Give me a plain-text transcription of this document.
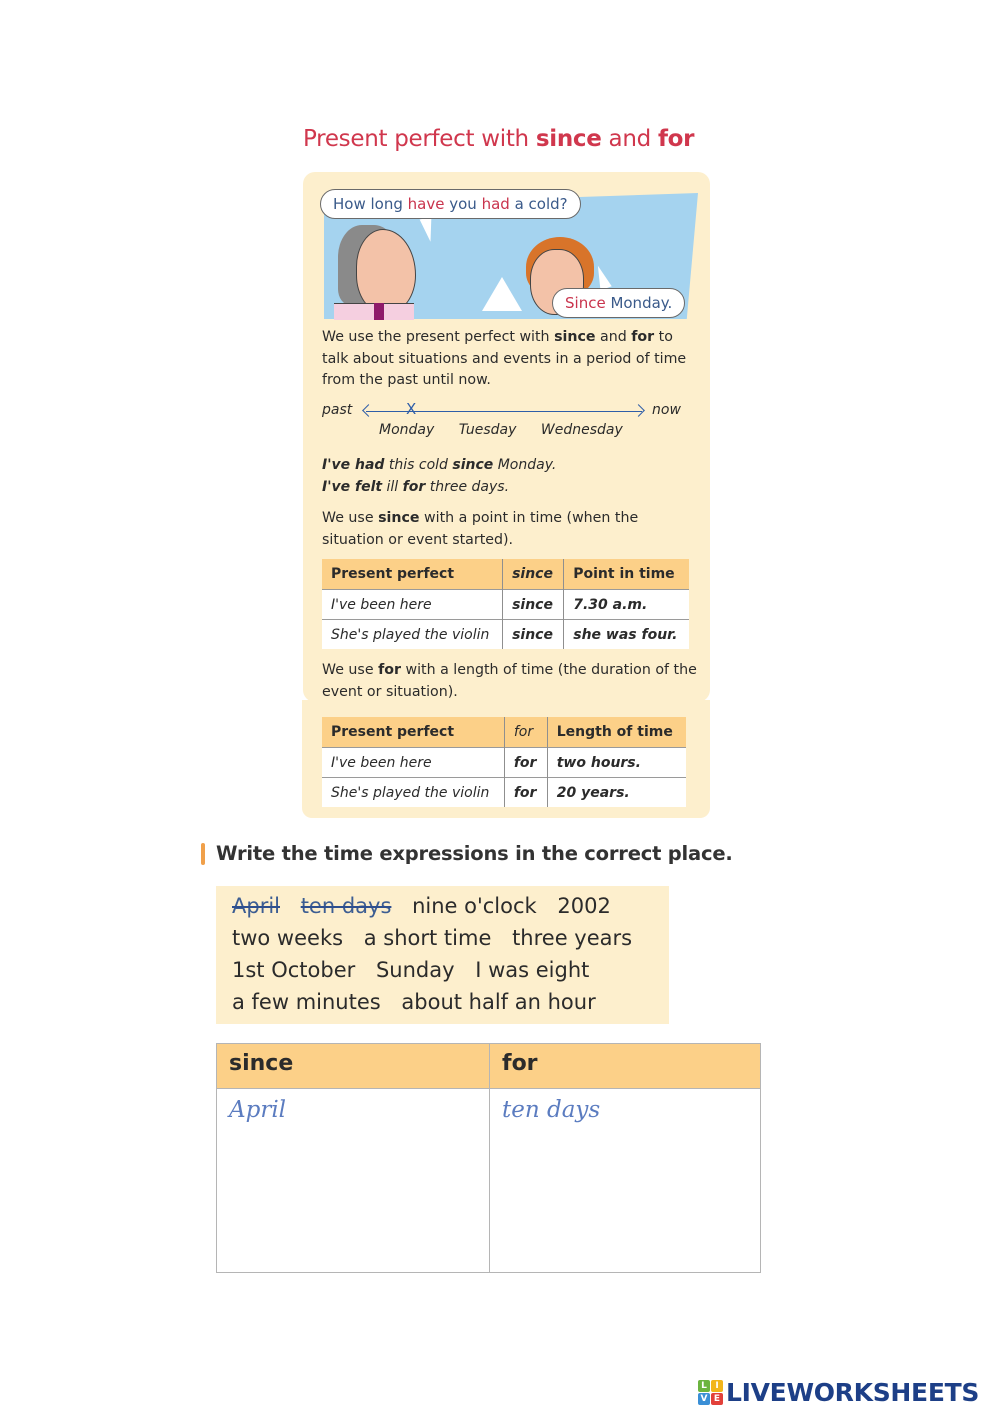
Present perfect with since and for
How long have you had a cold?
Since Monday.
We use the present perfect with since and for to talk about situations and events in a period of time from the past until now.
past	X	now
Monday Tuesday Wednesday
I've had this cold since Monday.
I've felt ill for three days.
We use since with a point in time (when the situation or event started).
Present perfect	since	Point in time
I've been here	since	7.30 a.m.
She's played the violin	since	she was four.
We use for with a length of time (the duration of the event or situation).
Present perfect	for	Length of time
I've been here	for	two hours.
She's played the violin	for	20 years.
Write the time expressions in the correct place.
April ten days nine o'clock 2002
two weeks a short time three years
1st October Sunday I was eight
a few minutes about half an hour
since	for
April	ten days
L I
V E LIVEWORKSHEETS
